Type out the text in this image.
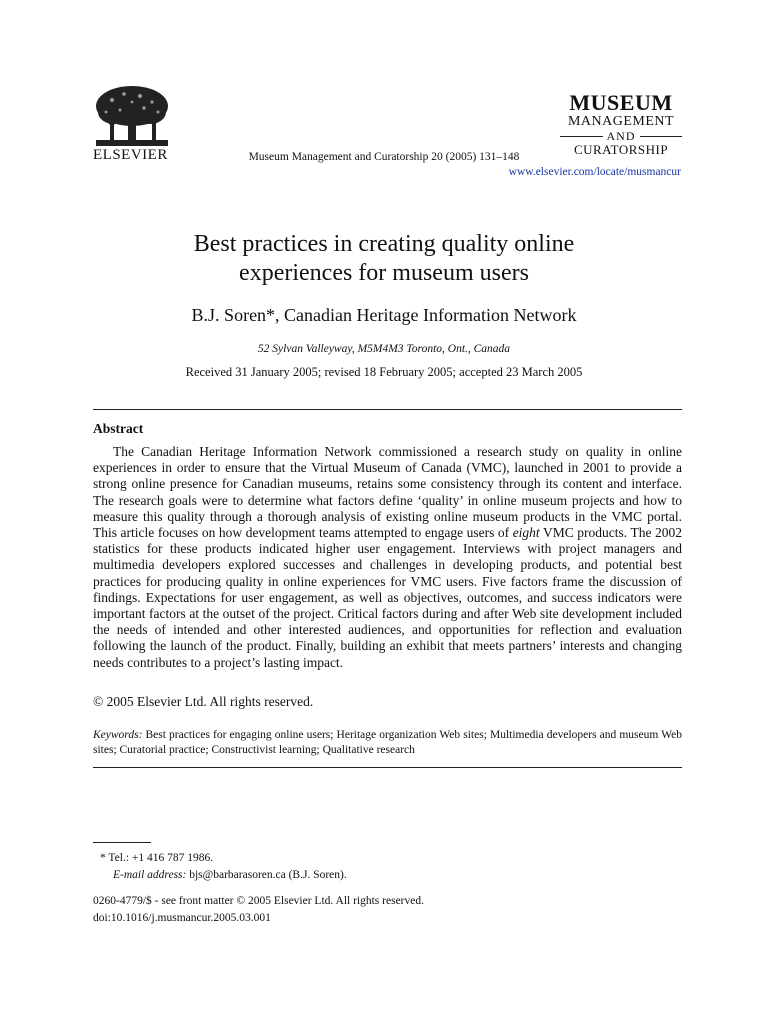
ELSEVIER	Museum Management and Curatorship 20 (2005) 131–148
www.elsevier.com/locate/musmancur
MUSEUM
MANAGEMENT
AND
CURATORSHIP
Best practices in creating quality online
experiences for museum users
B.J. Soren*, Canadian Heritage Information Network
52 Sylvan Valleyway, M5M4M3 Toronto, Ont., Canada
Received 31 January 2005; revised 18 February 2005; accepted 23 March 2005
Abstract
The Canadian Heritage Information Network commissioned a research study on quality in online experiences in order to ensure that the Virtual Museum of Canada (VMC), launched in 2001 to provide a strong online presence for Canadian museums, retains some consistency through its content and interface. The research goals were to determine what factors define ‘quality’ in online museum projects and how to measure this quality through a thorough analysis of existing online museum products in the VMC portal. This article focuses on how development teams attempted to engage users of eight VMC products. The 2002 statistics for these products indicated higher user engagement. Interviews with project managers and multimedia developers explored successes and challenges in developing products, and potential best practices for producing quality in online experiences for VMC users. Five factors frame the discussion of findings. Expectations for user engagement, as well as objectives, outcomes, and success indicators were important factors at the outset of the project. Critical factors during and after Web site development included the needs of intended and other interested audiences, and opportunities for reflection and evaluation following the launch of the product. Finally, building an exhibit that meets partners’ interests and changing needs contributes to a project’s lasting impact.
© 2005 Elsevier Ltd. All rights reserved.
Keywords: Best practices for engaging online users; Heritage organization Web sites; Multimedia developers and museum Web sites; Curatorial practice; Constructivist learning; Qualitative research
* Tel.: +1 416 787 1986.
E-mail address: bjs@barbarasoren.ca (B.J. Soren).
0260-4779/$ - see front matter © 2005 Elsevier Ltd. All rights reserved.
doi:10.1016/j.musmancur.2005.03.001
